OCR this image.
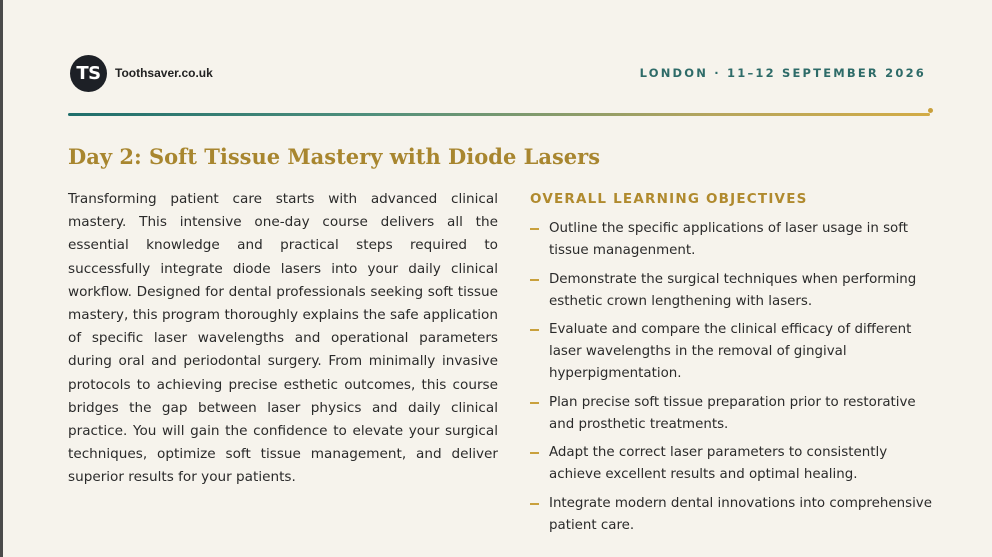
TS	Toothsaver.co.uk	LONDON · 11–12 SEPTEMBER 2026
Day 2: Soft Tissue Mastery with Diode Lasers

Transforming patient care starts with advanced clinical mastery. This intensive one-day course delivers all the essential knowledge and practical steps required to successfully integrate diode lasers into your daily clinical workflow. Designed for dental professionals seeking soft tissue mastery, this program thoroughly explains the safe application of specific laser wavelengths and operational parameters during oral and periodontal surgery. From minimally invasive protocols to achieving precise esthetic outcomes, this course bridges the gap between laser physics and daily clinical practice. You will gain the confidence to elevate your surgical techniques, optimize soft tissue management, and deliver superior results for your patients.

OVERALL LEARNING OBJECTIVES
Outline the specific applications of laser usage in soft tissue managenment.
Demonstrate the surgical techniques when performing esthetic crown lengthening with lasers.
Evaluate and compare the clinical efficacy of different laser wavelengths in the removal of gingival hyperpigmentation.
Plan precise soft tissue preparation prior to restorative and prosthetic treatments.
Adapt the correct laser parameters to consistently achieve excellent results and optimal healing.
Integrate modern dental innovations into comprehensive patient care.
